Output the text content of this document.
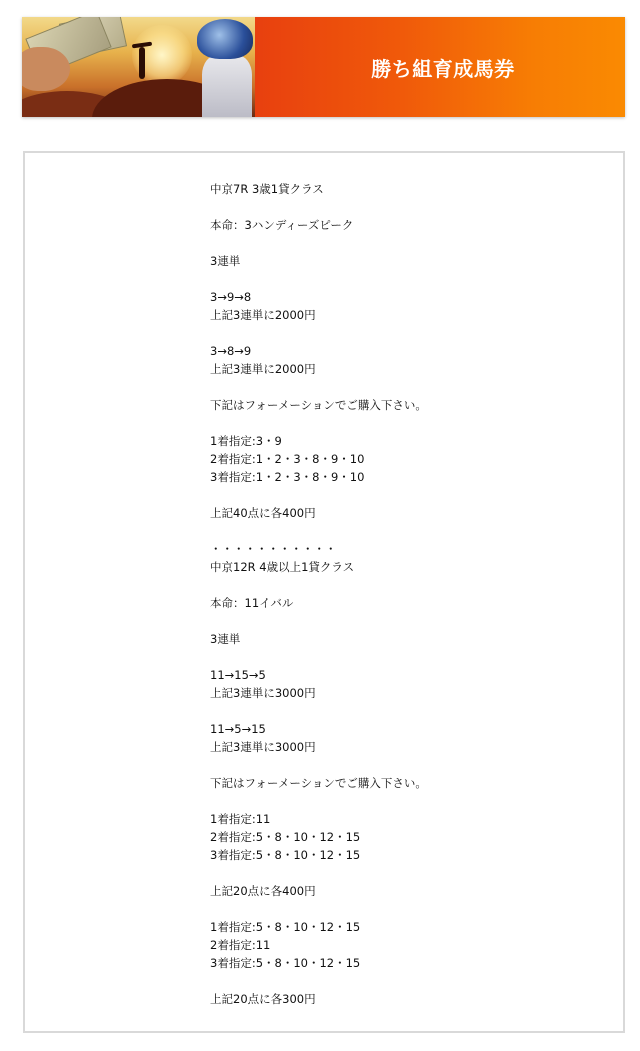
勝ち組育成馬券
中京7R 3歳1貸クラス
本命：3ハンディーズピーク
3連単
3→9→8
上記3連単に2000円
3→8→9
上記3連単に2000円
下記はフォーメーションでご購入下さい。
1着指定:3・9
2着指定:1・2・3・8・9・10
3着指定:1・2・3・8・9・10
上記40点に各400円
・・・・・・・・・・・
中京12R 4歳以上1貸クラス
本命：11イバル
3連単
11→15→5
上記3連単に3000円
11→5→15
上記3連単に3000円
下記はフォーメーションでご購入下さい。
1着指定:11
2着指定:5・8・10・12・15
3着指定:5・8・10・12・15
上記20点に各400円
1着指定:5・8・10・12・15
2着指定:11
3着指定:5・8・10・12・15
上記20点に各300円
